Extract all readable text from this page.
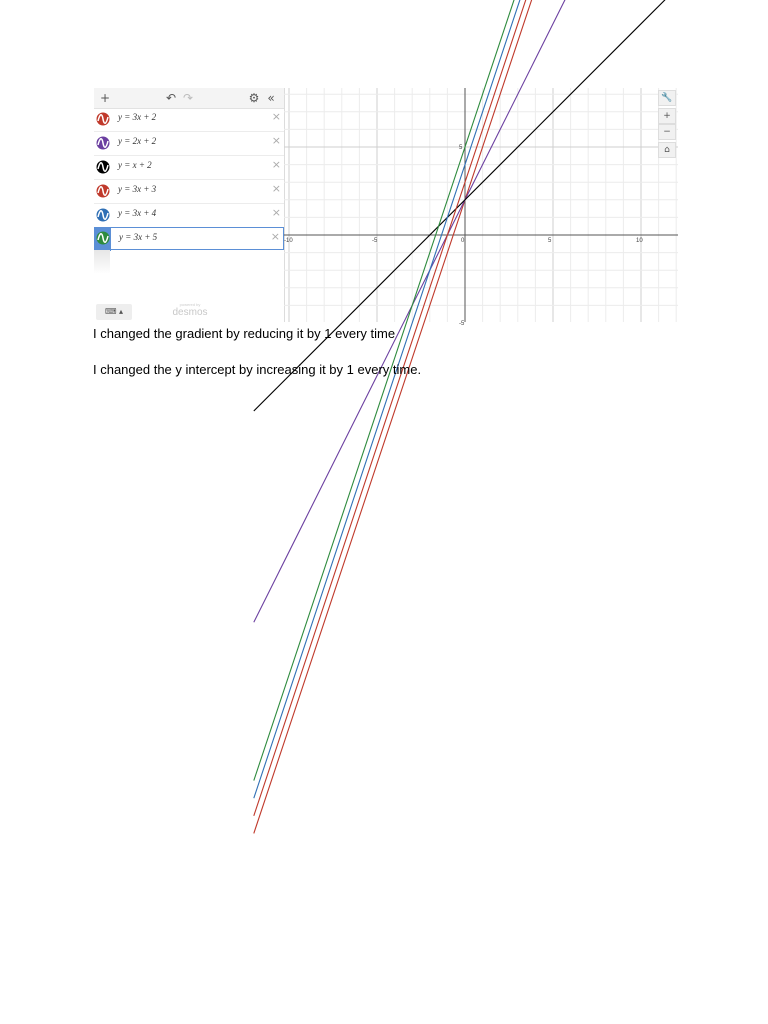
+	↶ ↷	⚙ «
y = 3x + 2	×
y = 2x + 2	×
y = x + 2	×
y = 3x + 3	×
y = 3x + 4	×
y = 3x + 5	×
⌨ ▴
powered by
desmos
-10	-5	0	5	10
5
-5
🔧
+
−
⌂
I changed the gradient by reducing it by 1 every time
I changed the y intercept by increasing it by 1 every time.
